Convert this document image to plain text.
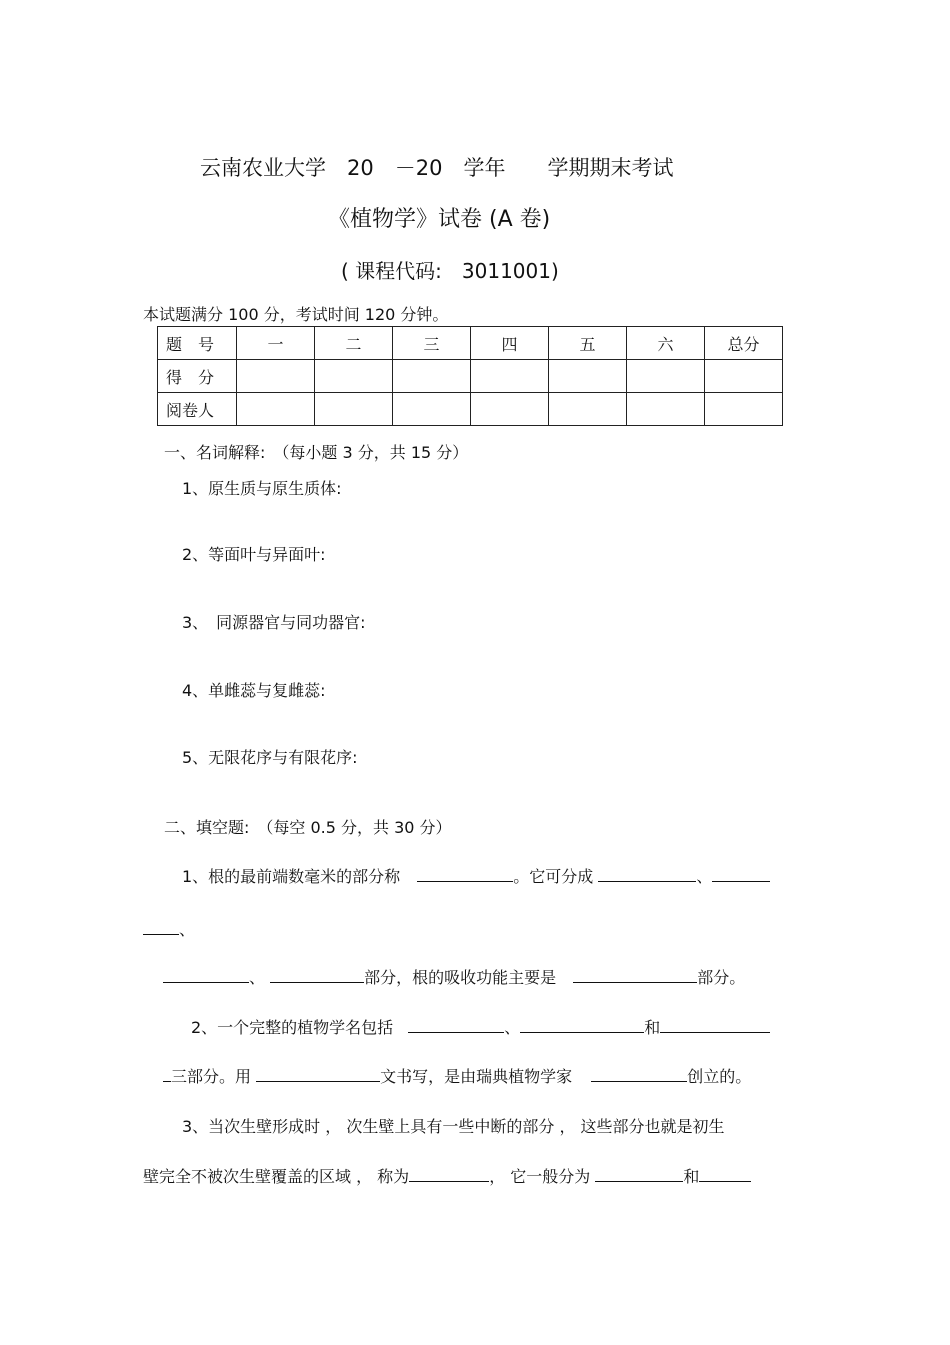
云南农业大学　20　－20　学年　　学期期末考试
《植物学》试卷 (A 卷)
( 课程代码:　3011001)
本试题满分 100 分，考试时间 120 分钟。
题　号	一	二	三	四	五	六	总分
得　分							
阅卷人							
一、名词解释:　（每小题 3 分，共 15 分）
1、原生质与原生质体:
2、等面叶与异面叶:
3、　同源器官与同功器官:
4、单雌蕊与复雌蕊:
5、无限花序与有限花序:
二、填空题:　（每空 0.5 分，共 30 分）
1、根的最前端数毫米的部分称	。它可分成	、
、
、	部分，根的吸收功能主要是	部分。
2、一个完整的植物学名包括	、	和
三部分。用	文书写，是由瑞典植物学家	创立的。
3、当次生壁形成时 ， 次生壁上具有一些中断的部分 ， 这些部分也就是初生
壁完全不被次生壁覆盖的区域 ， 称为	， 它一般分为	和
